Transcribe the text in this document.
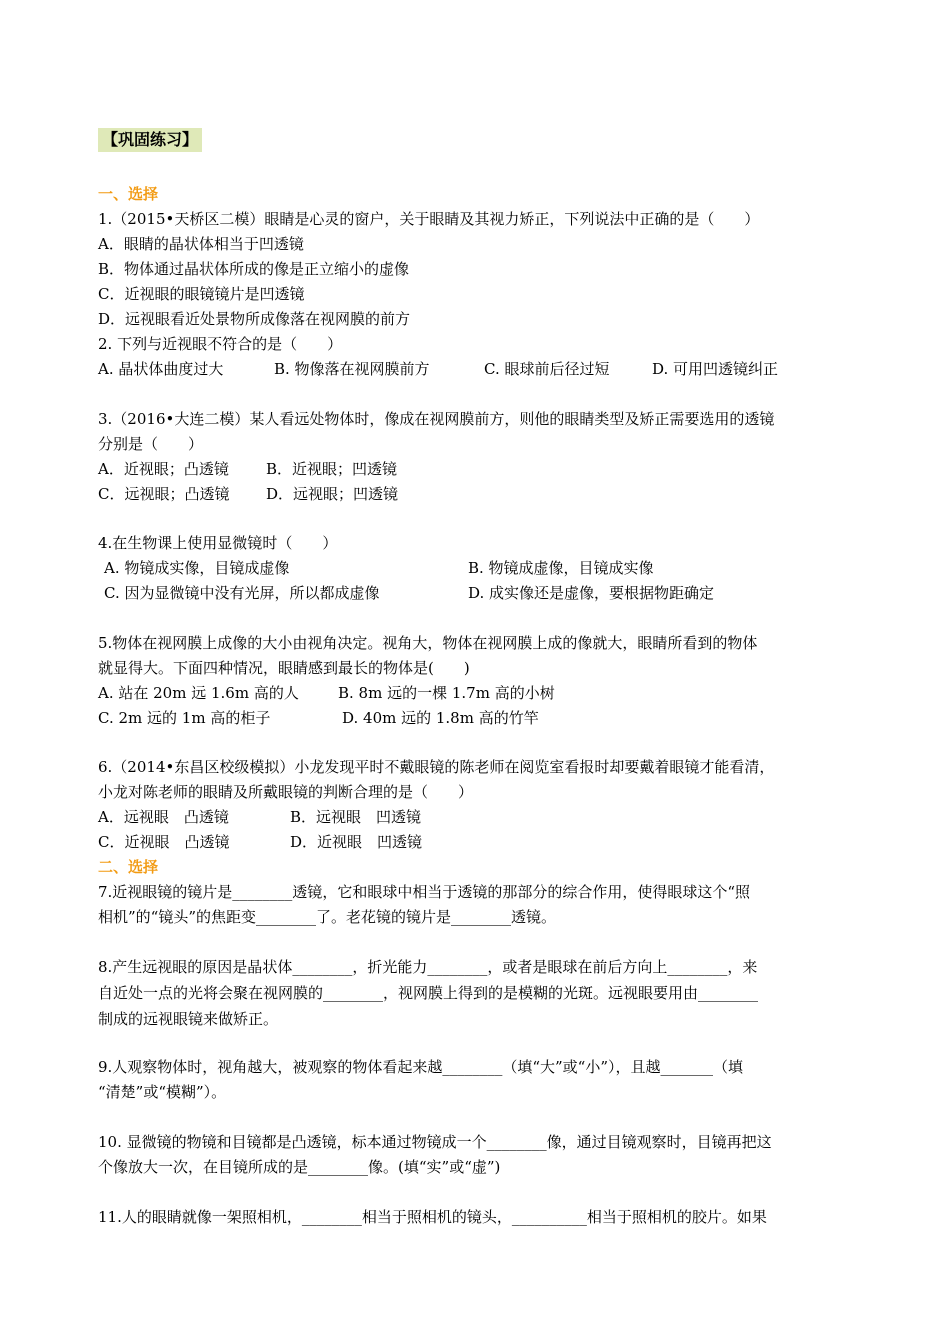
【巩固练习】
一、选择
1.（2015•天桥区二模）眼睛是心灵的窗户，关于眼睛及其视力矫正，下列说法中正确的是（　　）
A．眼睛的晶状体相当于凹透镜
B．物体通过晶状体所成的像是正立缩小的虚像
C．近视眼的眼镜镜片是凹透镜
D．远视眼看近处景物所成像落在视网膜的前方
2. 下列与近视眼不符合的是（　　）
A. 晶状体曲度过大	B. 物像落在视网膜前方	C. 眼球前后径过短	D. 可用凹透镜纠正
3.（2016•大连二模）某人看远处物体时，像成在视网膜前方，则他的眼睛类型及矫正需要选用的透镜
分别是（　　）
A．近视眼；凸透镜 B．近视眼；凹透镜
C．远视眼；凸透镜 D．远视眼；凹透镜
4.在生物课上使用显微镜时（　　）
A. 物镜成实像，目镜成虚像	B. 物镜成虚像，目镜成实像
C. 因为显微镜中没有光屏，所以都成虚像	D. 成实像还是虚像，要根据物距确定
5.物体在视网膜上成像的大小由视角决定。视角大，物体在视网膜上成的像就大，眼睛所看到的物体
就显得大。下面四种情况，眼睛感到最长的物体是(　　)
A. 站在 20m 远 1.6m 高的人	B. 8m 远的一棵 1.7m 高的小树
C. 2m 远的 1m 高的柜子	D. 40m 远的 1.8m 高的竹竿
6.（2014•东昌区校级模拟）小龙发现平时不戴眼镜的陈老师在阅览室看报时却要戴着眼镜才能看清，
小龙对陈老师的眼睛及所戴眼镜的判断合理的是（　　）
A．远视眼　凸透镜	B．远视眼　凹透镜
C．近视眼　凸透镜	D．近视眼　凹透镜
二、选择
7.近视眼镜的镜片是________透镜，它和眼球中相当于透镜的那部分的综合作用，使得眼球这个“照
相机”的“镜头”的焦距变________了。老花镜的镜片是________透镜。
8.产生远视眼的原因是晶状体________，折光能力________，或者是眼球在前后方向上________，来
自近处一点的光将会聚在视网膜的________，视网膜上得到的是模糊的光斑。远视眼要用由________
制成的远视眼镜来做矫正。
9.人观察物体时，视角越大，被观察的物体看起来越________（填“大”或“小”），且越_______（填
“清楚”或“模糊”）。
10. 显微镜的物镜和目镜都是凸透镜，标本通过物镜成一个________像，通过目镜观察时，目镜再把这
个像放大一次，在目镜所成的是________像。(填“实”或“虚”)
11.人的眼睛就像一架照相机，________相当于照相机的镜头，__________相当于照相机的胶片。如果
